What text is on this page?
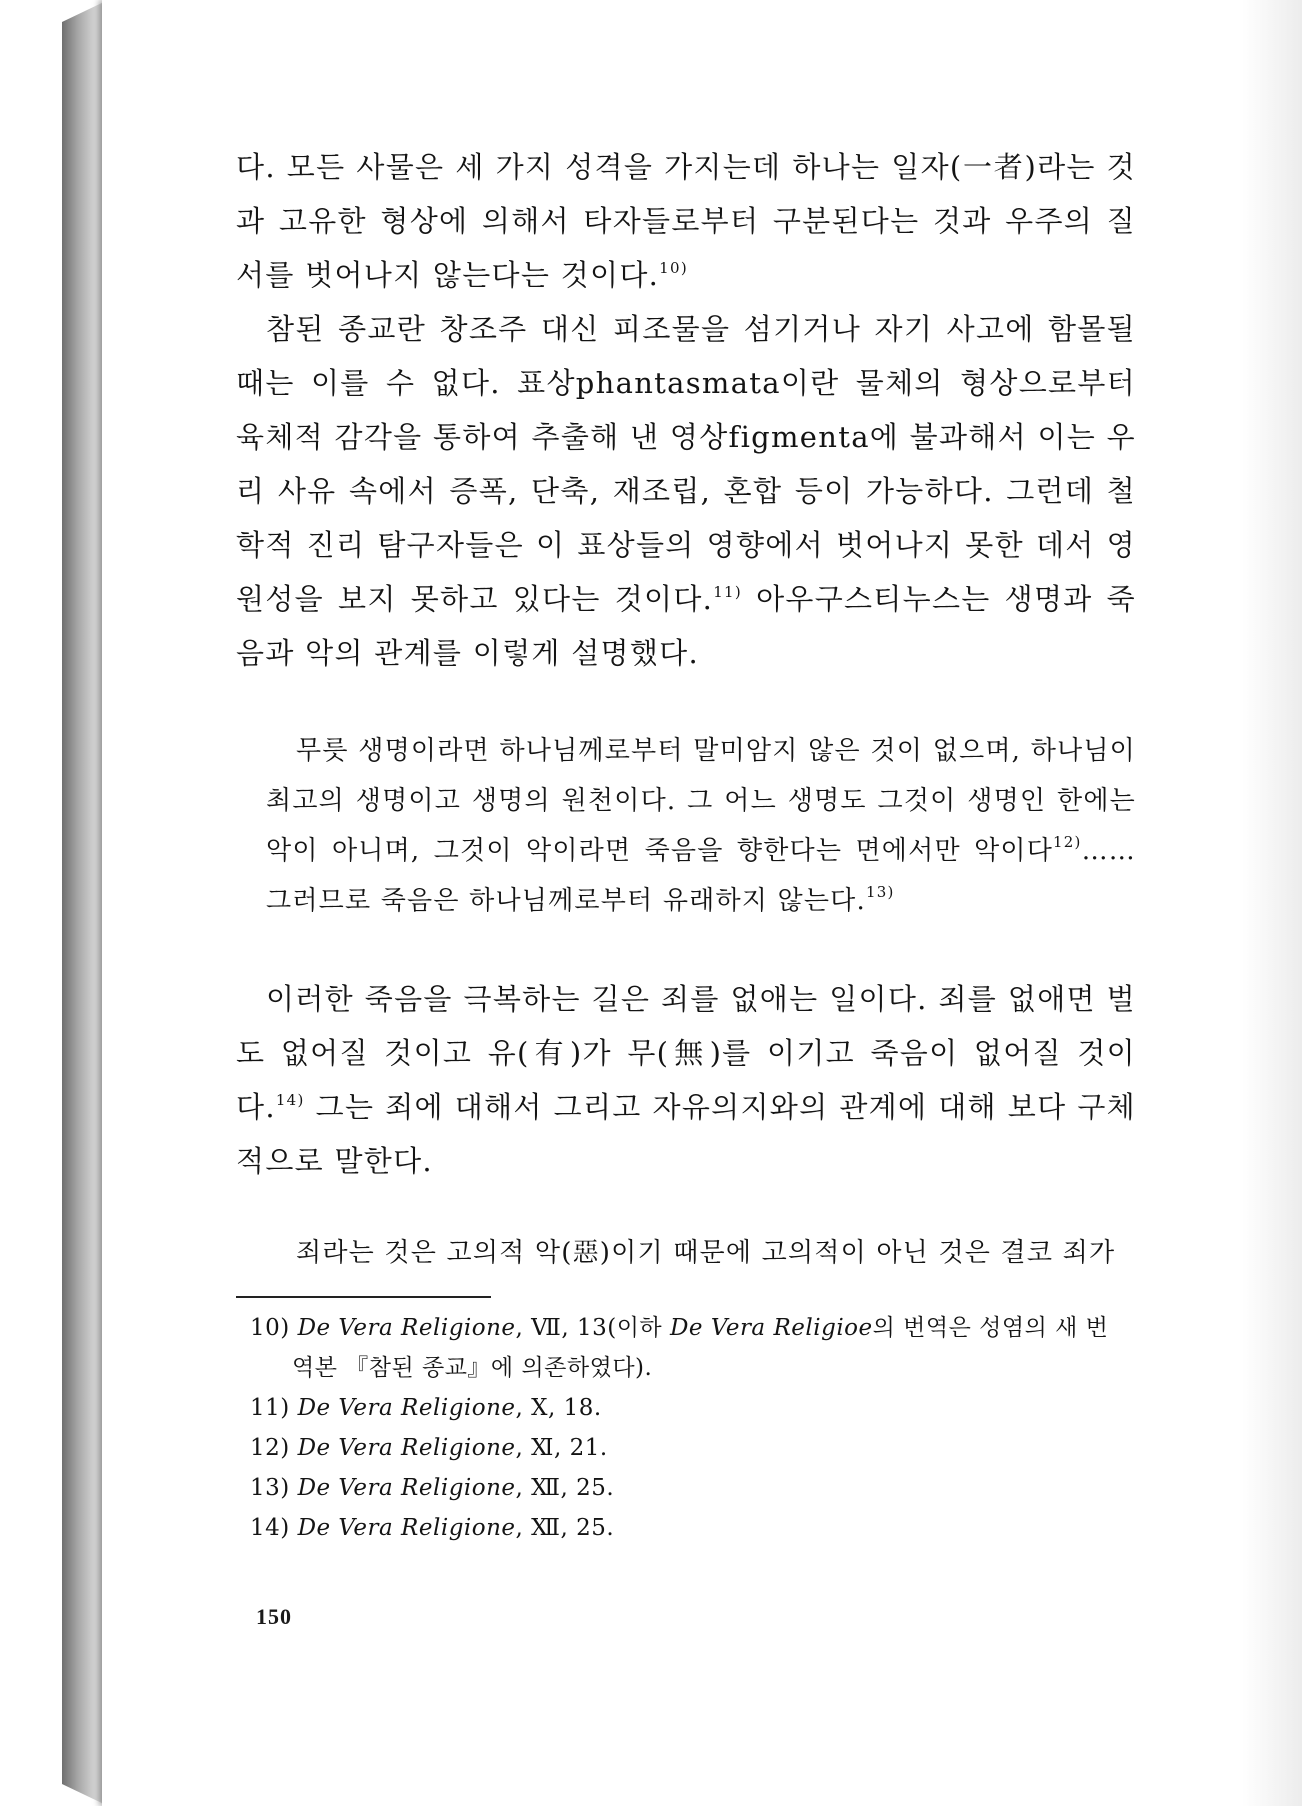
다. 모든 사물은 세 가지 성격을 가지는데 하나는 일자(一者)라는 것과 고유한 형상에 의해서 타자들로부터 구분된다는 것과 우주의 질서를 벗어나지 않는다는 것이다.$^{10)}$

참된 종교란 창조주 대신 피조물을 섬기거나 자기 사고에 함몰될 때는 이를 수 없다. 표상phantasmata이란 물체의 형상으로부터 육체적 감각을 통하여 추출해 낸 영상figmenta에 불과해서 이는 우리 사유 속에서 증폭, 단축, 재조립, 혼합 등이 가능하다. 그런데 철학적 진리 탐구자들은 이 표상들의 영향에서 벗어나지 못한 데서 영원성을 보지 못하고 있다는 것이다.$^{11)}$ 아우구스티누스는 생명과 죽음과 악의 관계를 이렇게 설명했다.

무릇 생명이라면 하나님께로부터 말미암지 않은 것이 없으며, 하나님이 최고의 생명이고 생명의 원천이다. 그 어느 생명도 그것이 생명인 한에는 악이 아니며, 그것이 악이라면 죽음을 향한다는 면에서만 악이다$^{12)}$…… 그러므로 죽음은 하나님께로부터 유래하지 않는다.$^{13)}$

이러한 죽음을 극복하는 길은 죄를 없애는 일이다. 죄를 없애면 벌도 없어질 것이고 유(有)가 무(無)를 이기고 죽음이 없어질 것이다.$^{14)}$ 그는 죄에 대해서 그리고 자유의지와의 관계에 대해 보다 구체적으로 말한다.

죄라는 것은 고의적 악(惡)이기 때문에 고의적이 아닌 것은 결코 죄가

10) De Vera Religione, Ⅶ, 13(이하 De Vera Religioe의 번역은 성염의 새 번
역본 『참된 종교』에 의존하였다).
11) De Vera Religione, Ⅹ, 18.
12) De Vera Religione, Ⅺ, 21.
13) De Vera Religione, Ⅻ, 25.
14) De Vera Religione, Ⅻ, 25.
150
